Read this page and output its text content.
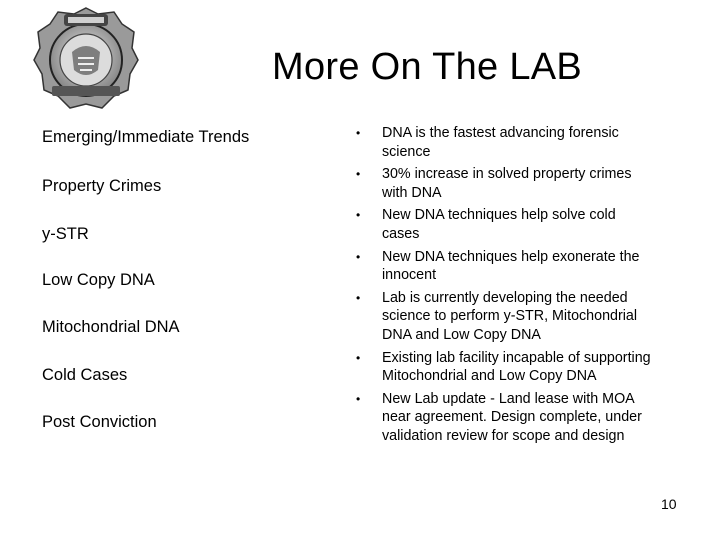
More On The LAB
Emerging/Immediate Trends
Property Crimes
y-STR
Low Copy DNA
Mitochondrial DNA
Cold Cases
Post Conviction
•	DNA is the fastest advancing forensic science
•	30% increase in solved property crimes with DNA
•	New DNA techniques help solve cold cases
•	New DNA techniques help exonerate the innocent
•	Lab is currently developing the needed science to perform y-STR, Mitochondrial DNA and Low Copy DNA
•	Existing lab facility incapable of supporting Mitochondrial and Low Copy DNA
•	New Lab update - Land lease with MOA near agreement. Design complete, under validation review for scope and design
10
